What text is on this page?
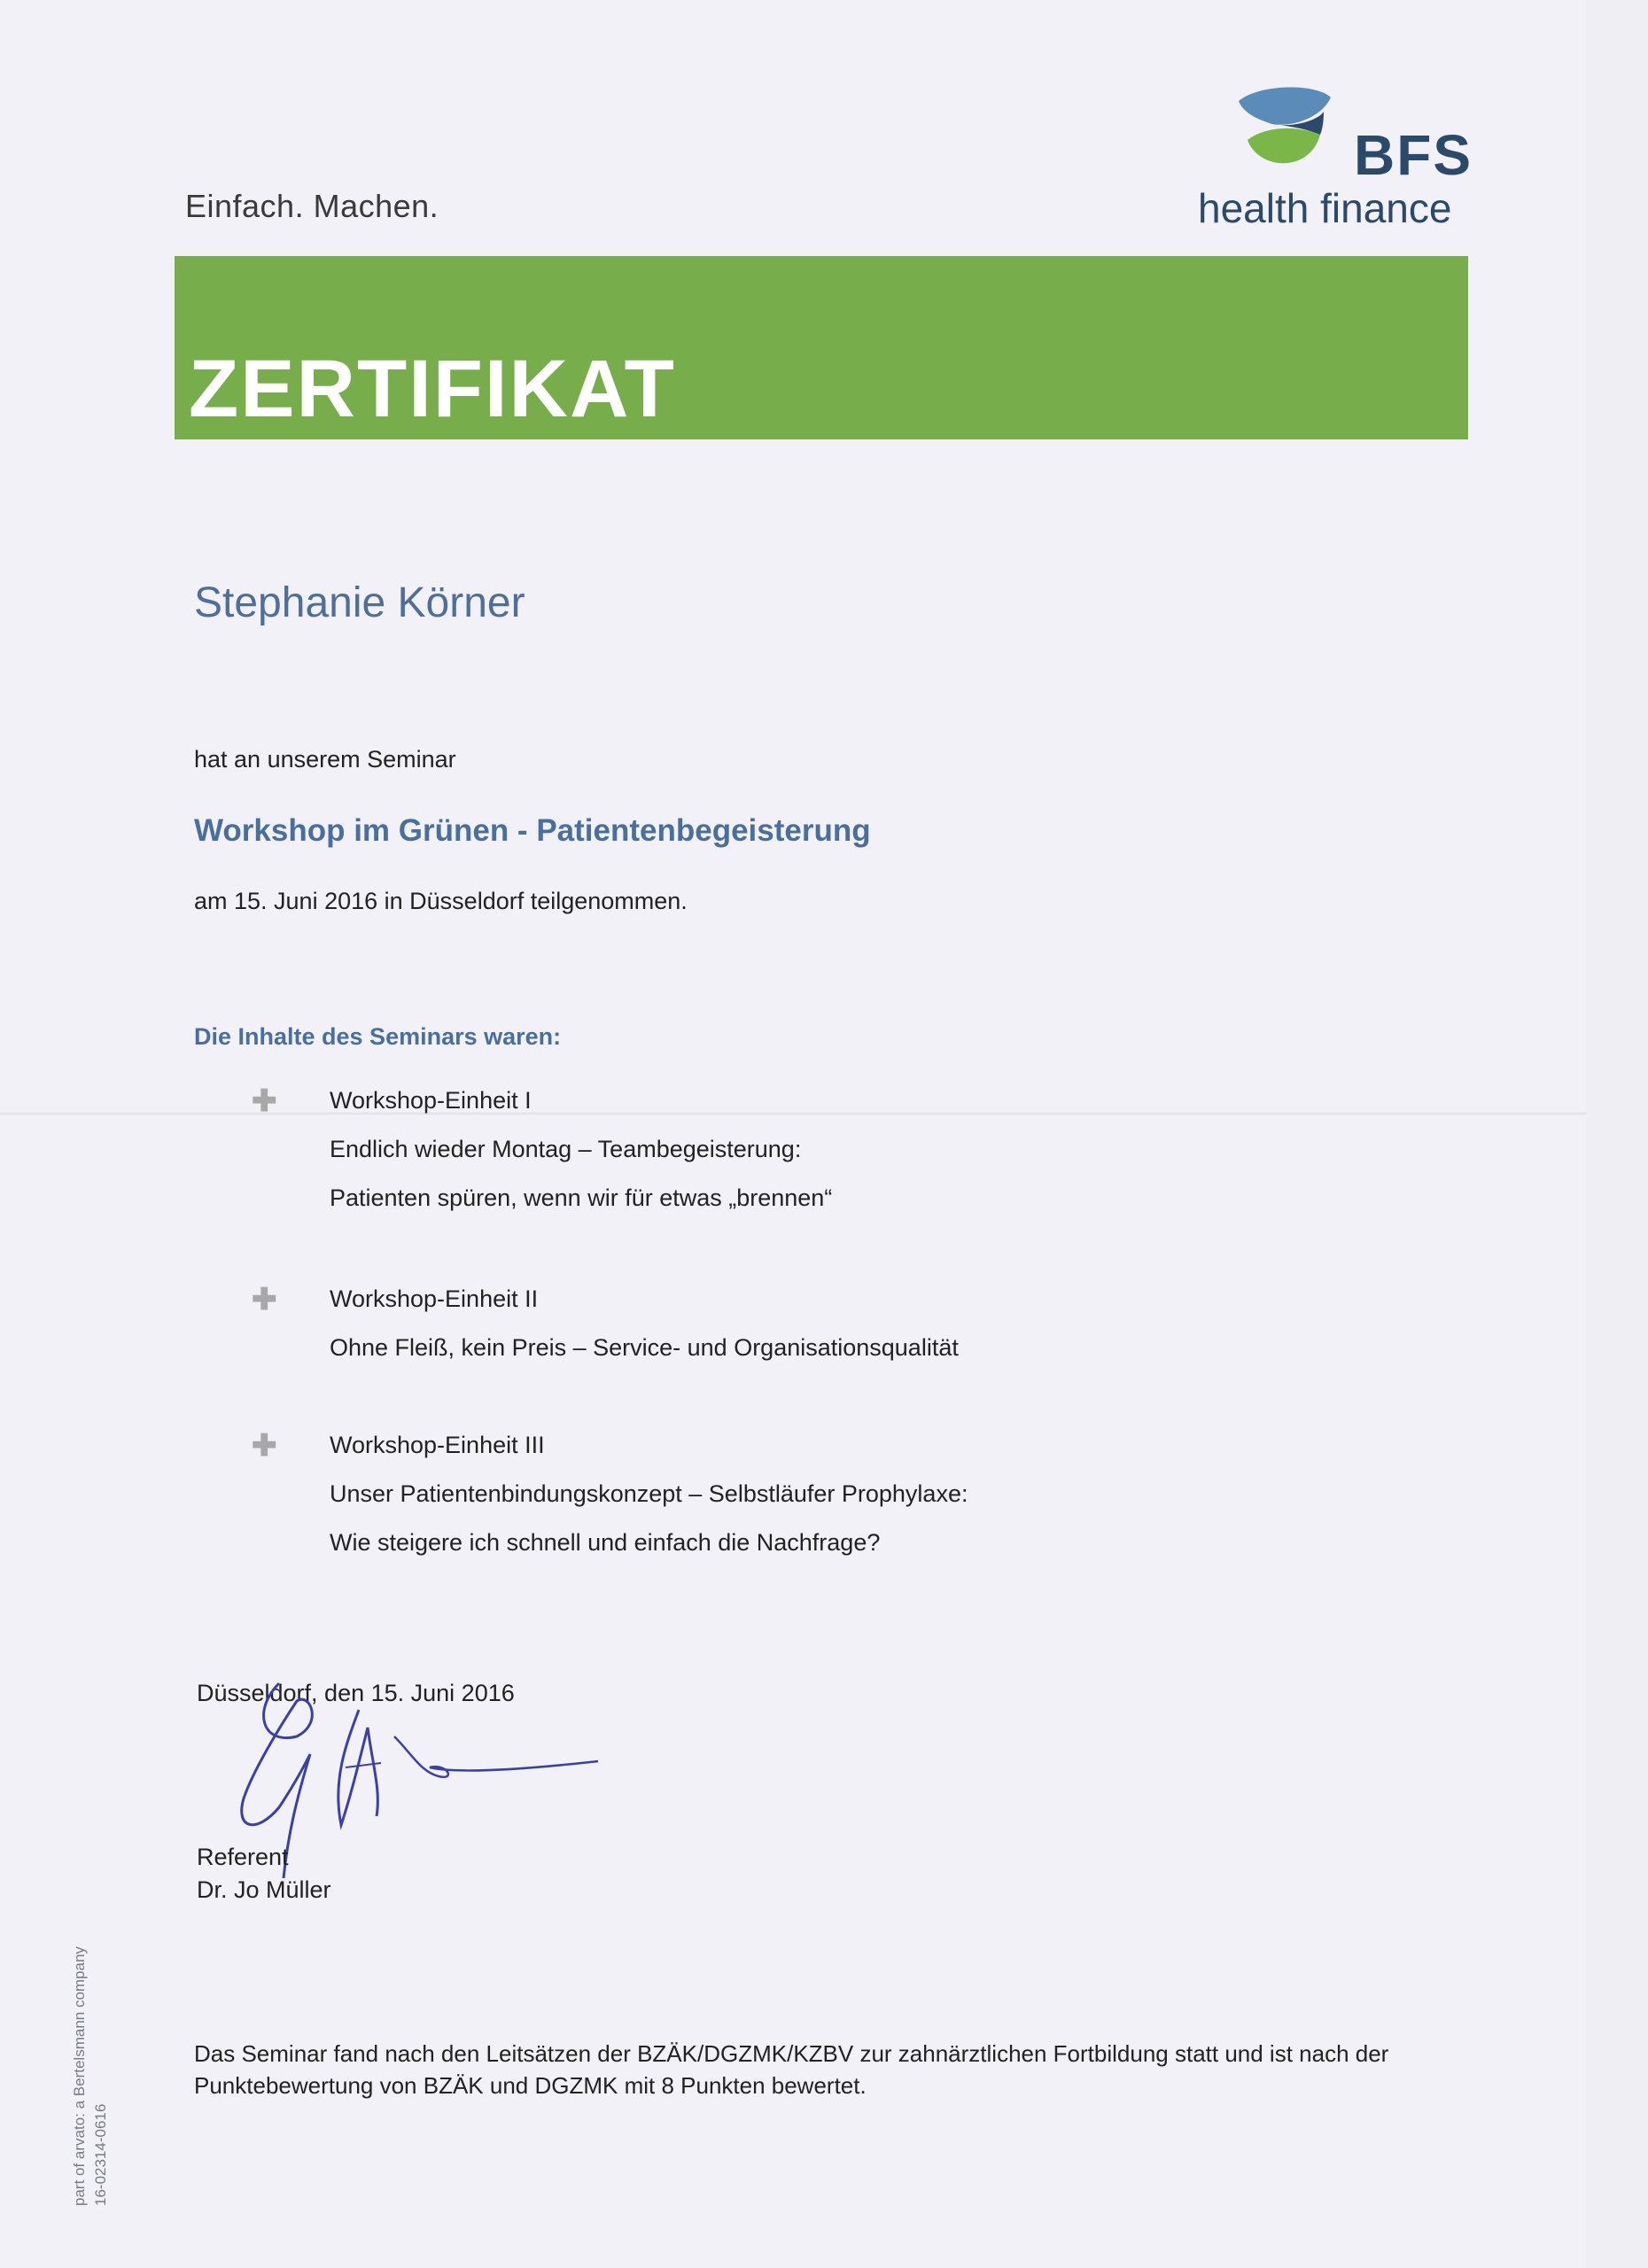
Einfach. Machen.
BFS
health finance
ZERTIFIKAT
Stephanie Körner
hat an unserem Seminar
Workshop im Grünen - Patientenbegeisterung
am 15. Juni 2016 in Düsseldorf teilgenommen.
Die Inhalte des Seminars waren:
✚ Workshop-Einheit I
Endlich wieder Montag – Teambegeisterung:
Patienten spüren, wenn wir für etwas „brennen“
✚ Workshop-Einheit II
Ohne Fleiß, kein Preis – Service- und Organisationsqualität
✚ Workshop-Einheit III
Unser Patientenbindungskonzept – Selbstläufer Prophylaxe:
Wie steigere ich schnell und einfach die Nachfrage?
Düsseldorf, den 15. Juni 2016
Referent
Dr. Jo Müller
Das Seminar fand nach den Leitsätzen der BZÄK/DGZMK/KZBV zur zahnärztlichen Fortbildung statt und ist nach der Punktebewertung von BZÄK und DGZMK mit 8 Punkten bewertet.
part of arvato: a Bertelsmann company 16-02314-0616
